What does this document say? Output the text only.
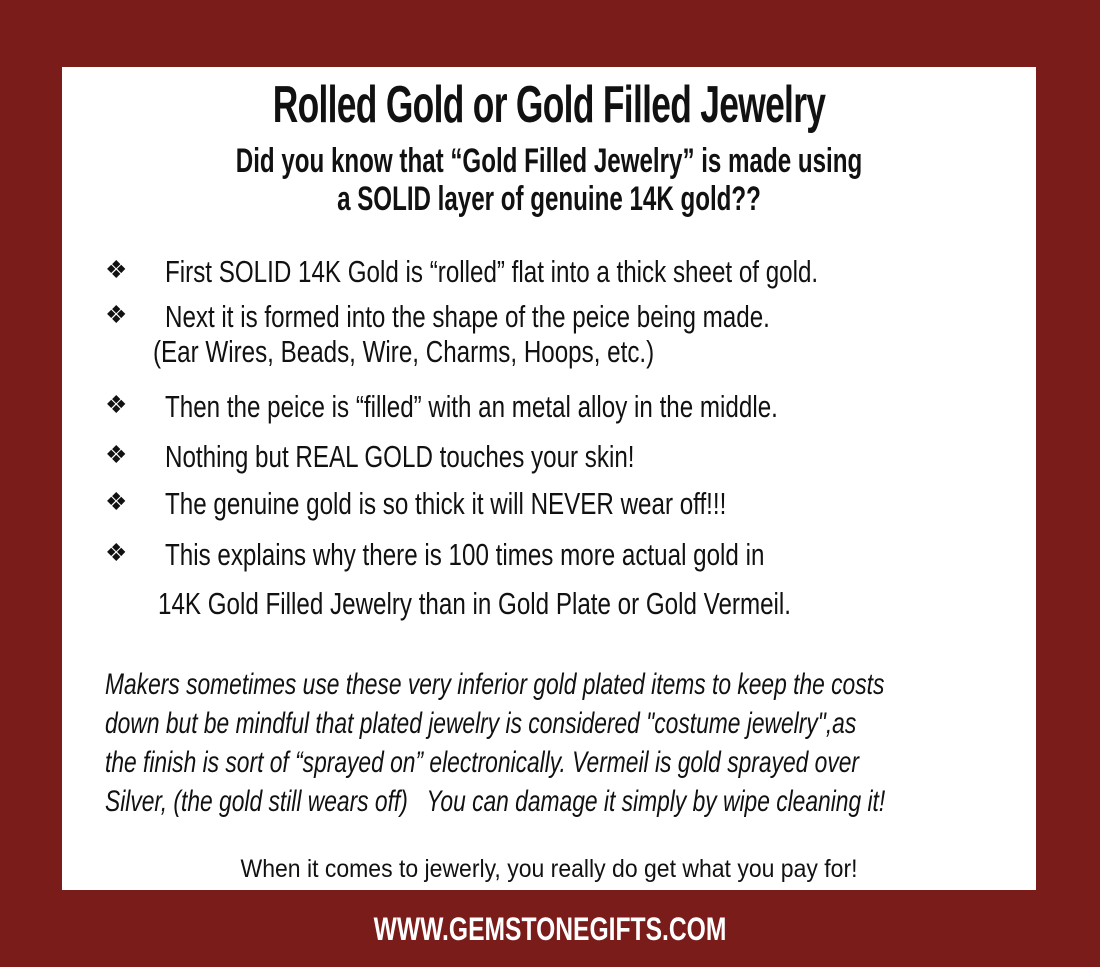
Rolled Gold or Gold Filled Jewelry
Did you know that “Gold Filled Jewelry” is made using
a SOLID layer of genuine 14K gold??
❖ First SOLID 14K Gold is “rolled” flat into a thick sheet of gold.
❖ Next it is formed into the shape of the peice being made.
(Ear Wires, Beads, Wire, Charms, Hoops, etc.)
❖ Then the peice is “filled” with an metal alloy in the middle.
❖ Nothing but REAL GOLD touches your skin!
❖ The genuine gold is so thick it will NEVER wear off!!!
❖ This explains why there is 100 times more actual gold in
14K Gold Filled Jewelry than in Gold Plate or Gold Vermeil.
Makers sometimes use these very inferior gold plated items to keep the costs
down but be mindful that plated jewelry is considered "costume jewelry",as
the finish is sort of “sprayed on” electronically. Vermeil is gold sprayed over
Silver, (the gold still wears off)   You can damage it simply by wipe cleaning it!
When it comes to jewerly, you really do get what you pay for!
WWW.GEMSTONEGIFTS.COM
